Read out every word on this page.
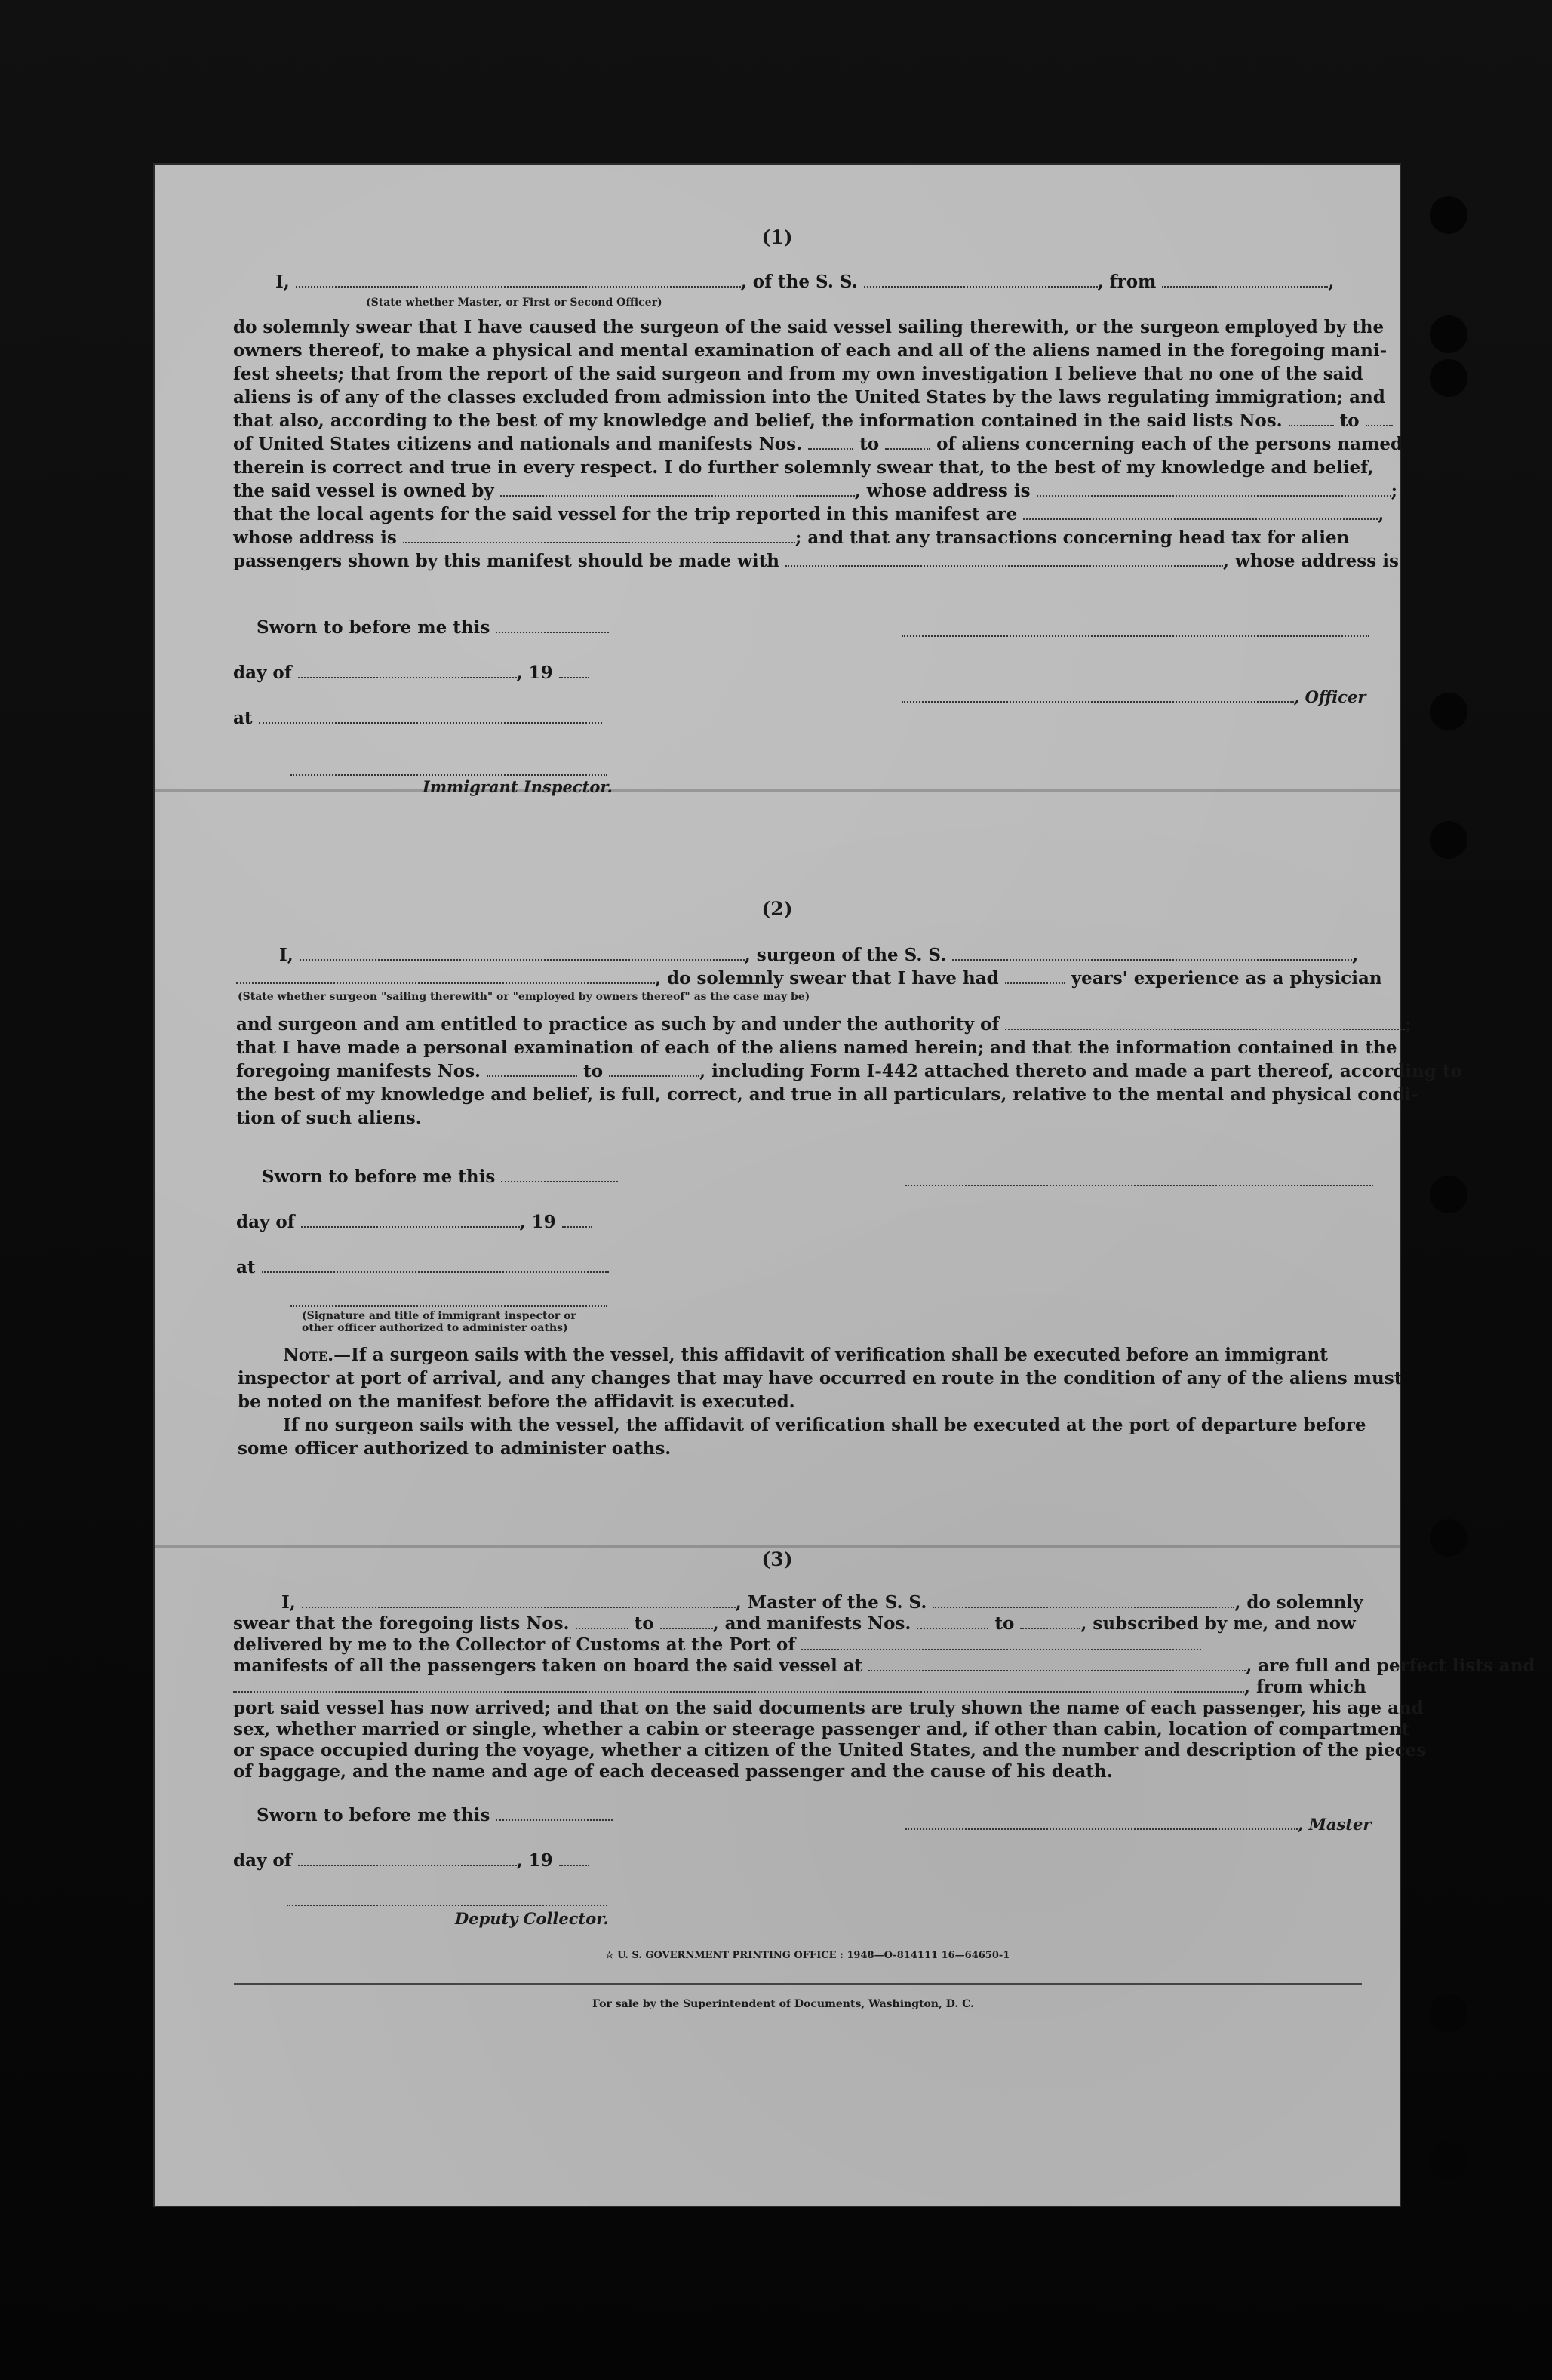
(1)
I,	, of the S. S.	, from	,
(State whether Master, or First or Second Officer)
do solemnly swear that I have caused the surgeon of the said vessel sailing therewith, or the surgeon employed by the
owners thereof, to make a physical and mental examination of each and all of the aliens named in the foregoing mani-
fest sheets; that from the report of the said surgeon and from my own investigation I believe that no one of the said
aliens is of any of the classes excluded from admission into the United States by the laws regulating immigration; and
that also, according to the best of my knowledge and belief, the information contained in the said lists Nos.	to
of United States citizens and nationals and manifests Nos.	to	of aliens concerning each of the persons named
therein is correct and true in every respect. I do further solemnly swear that, to the best of my knowledge and belief,
the said vessel is owned by	, whose address is	;
that the local agents for the said vessel for the trip reported in this manifest are	,
whose address is	; and that any transactions concerning head tax for alien
passengers shown by this manifest should be made with	, whose address is
Sworn to before me this
day of	, 19
, Officer
at
Immigrant Inspector.
(2)
I,	, surgeon of the S. S.	,
, do solemnly swear that I have had	years' experience as a physician
(State whether surgeon "sailing therewith" or "employed by owners thereof" as the case may be)
and surgeon and am entitled to practice as such by and under the authority of	;
that I have made a personal examination of each of the aliens named herein; and that the information contained in the
foregoing manifests Nos.	to	, including Form I-442 attached thereto and made a part thereof, according to
the best of my knowledge and belief, is full, correct, and true in all particulars, relative to the mental and physical condi-
tion of such aliens.
Sworn to before me this
day of	, 19
at
(Signature and title of immigrant inspector or
other officer authorized to administer oaths)
Note.—If a surgeon sails with the vessel, this affidavit of verification shall be executed before an immigrant
inspector at port of arrival, and any changes that may have occurred en route in the condition of any of the aliens must
be noted on the manifest before the affidavit is executed.
If no surgeon sails with the vessel, the affidavit of verification shall be executed at the port of departure before
some officer authorized to administer oaths.
(3)
I,	, Master of the S. S.	, do solemnly
swear that the foregoing lists Nos.	to	, and manifests Nos.	to	, subscribed by me, and now
delivered by me to the Collector of Customs at the Port of
manifests of all the passengers taken on board the said vessel at	, are full and perfect lists and
, from which
port said vessel has now arrived; and that on the said documents are truly shown the name of each passenger, his age and
sex, whether married or single, whether a cabin or steerage passenger and, if other than cabin, location of compartment
or space occupied during the voyage, whether a citizen of the United States, and the number and description of the pieces
of baggage, and the name and age of each deceased passenger and the cause of his death.
Sworn to before me this	, Master
day of	, 19
Deputy Collector.
☆ U. S. GOVERNMENT PRINTING OFFICE : 1948—O-814111 16—64650-1
For sale by the Superintendent of Documents, Washington, D. C.
